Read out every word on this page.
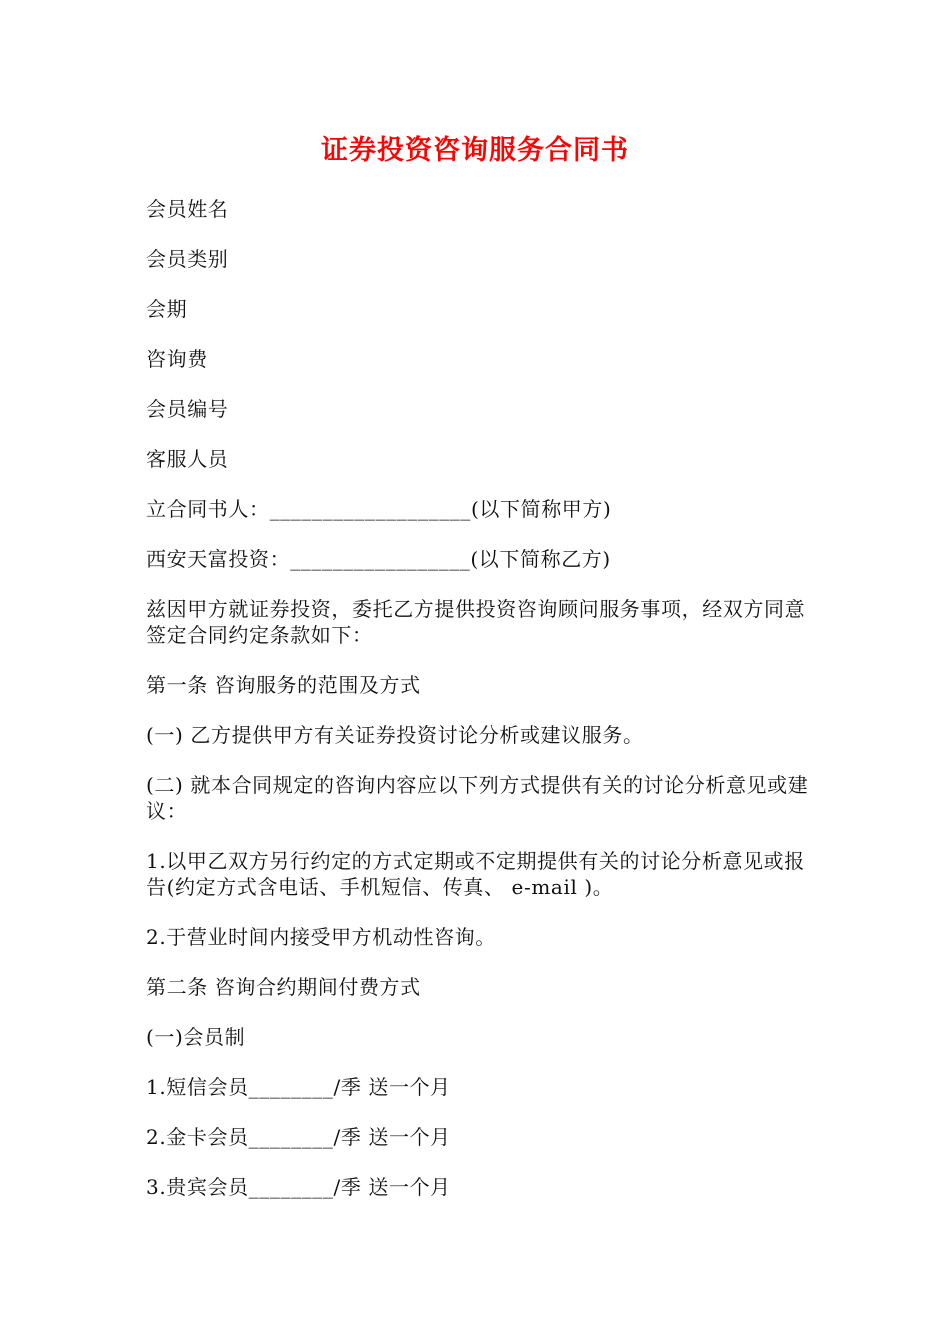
证券投资咨询服务合同书

会员姓名

会员类别

会期

咨询费

会员编号

客服人员

立合同书人：___________________(以下简称甲方)

西安天富投资：_________________(以下简称乙方)

兹因甲方就证券投资，委托乙方提供投资咨询顾问服务事项，经双方同意签定合同约定条款如下：

第一条 咨询服务的范围及方式

(一) 乙方提供甲方有关证券投资讨论分析或建议服务。

(二) 就本合同规定的咨询内容应以下列方式提供有关的讨论分析意见或建议：

1.以甲乙双方另行约定的方式定期或不定期提供有关的讨论分析意见或报告(约定方式含电话、手机短信、传真、 e-mail )。

2.于营业时间内接受甲方机动性咨询。

第二条 咨询合约期间付费方式

(一)会员制

1.短信会员________/季 送一个月

2.金卡会员________/季 送一个月

3.贵宾会员________/季 送一个月
